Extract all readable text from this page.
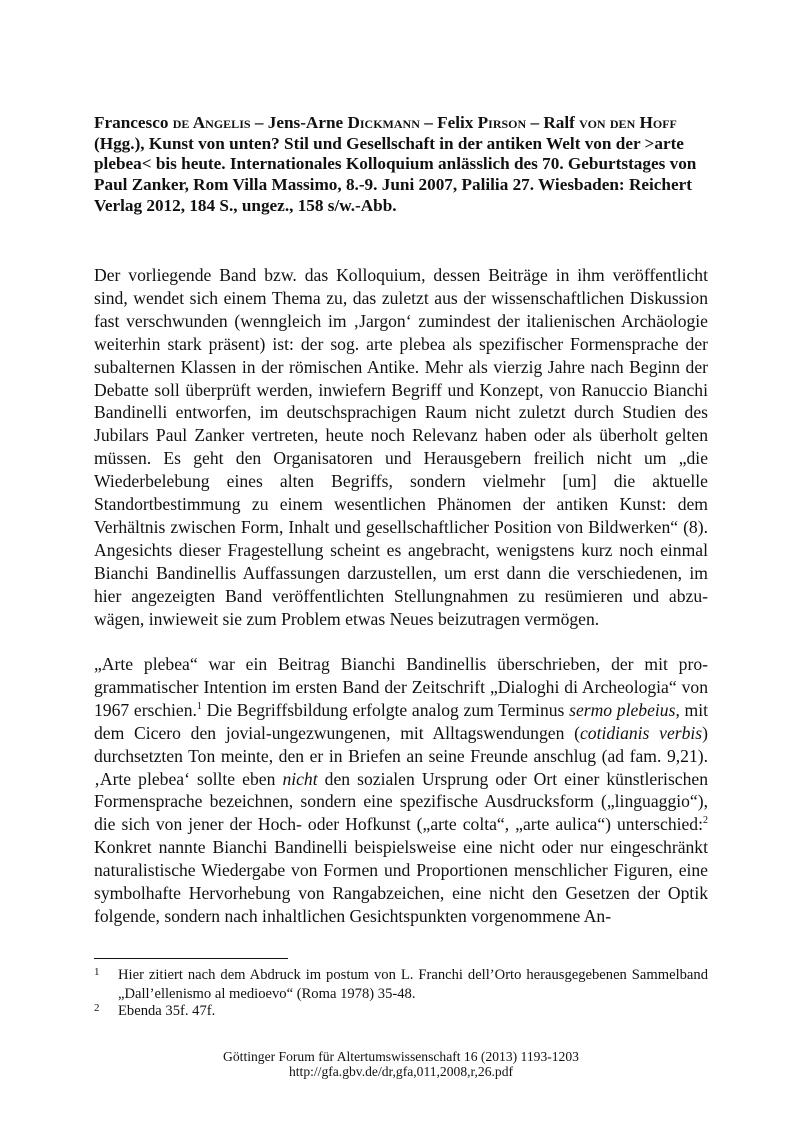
Francesco de Angelis – Jens-Arne Dickmann – Felix Pirson – Ralf von den Hoff (Hgg.), Kunst von unten? Stil und Gesellschaft in der antiken Welt von der >arte plebea< bis heute. Internationales Kolloquium anlässlich des 70. Geburtstages von Paul Zanker, Rom Villa Massimo, 8.-9. Juni 2007, Palilia 27. Wiesbaden: Reichert Verlag 2012, 184 S., ungez., 158 s/w.-Abb.

Der vorliegende Band bzw. das Kolloquium, dessen Beiträge in ihm veröffentlicht sind, wendet sich einem Thema zu, das zuletzt aus der wissenschaftlichen Diskussion fast verschwunden (wenngleich im ‚Jargon‘ zumindest der italienischen Archäologie weiterhin stark präsent) ist: der sog. arte plebea als spezifischer Formensprache der subalternen Klassen in der römischen Antike. Mehr als vierzig Jahre nach Beginn der Debatte soll überprüft werden, inwiefern Begriff und Konzept, von Ranuccio Bianchi Bandinelli entworfen, im deutschsprachigen Raum nicht zuletzt durch Studien des Jubilars Paul Zanker vertreten, heute noch Relevanz haben oder als überholt gelten müssen. Es geht den Organisatoren und Herausgebern freilich nicht um „die Wiederbelebung eines alten Begriffs, sondern vielmehr [um] die aktuelle Standortbestimmung zu einem wesentlichen Phänomen der antiken Kunst: dem Verhältnis zwischen Form, Inhalt und gesellschaftlicher Position von Bildwerken“ (8). Angesichts dieser Fragestellung scheint es angebracht, wenigstens kurz noch einmal Bianchi Bandinellis Auffassungen darzustellen, um erst dann die verschiedenen, im hier angezeigten Band veröffentlichten Stellungnahmen zu resümieren und abzuwägen, inwieweit sie zum Problem etwas Neues beizutragen vermögen.

„Arte plebea“ war ein Beitrag Bianchi Bandinellis überschrieben, der mit programmatischer Intention im ersten Band der Zeitschrift „Dialoghi di Archeologia“ von 1967 erschien.$^1$ Die Begriffsbildung erfolgte analog zum Terminus sermo plebeius, mit dem Cicero den jovial-ungezwungenen, mit Alltagswendungen (cotidianis verbis) durchsetzten Ton meinte, den er in Briefen an seine Freunde anschlug (ad fam. 9,21). ‚Arte plebea‘ sollte eben nicht den sozialen Ursprung oder Ort einer künstlerischen Formensprache bezeichnen, sondern eine spezifische Ausdrucksform („linguaggio“), die sich von jener der Hoch- oder Hofkunst („arte colta“, „arte aulica“) unterschied:$^2$ Konkret nannte Bianchi Bandinelli beispielsweise eine nicht oder nur eingeschränkt naturalistische Wiedergabe von Formen und Proportionen menschlicher Figuren, eine symbolhafte Hervorhebung von Rangabzeichen, eine nicht den Gesetzen der Optik folgende, sondern nach inhaltlichen Gesichtspunkten vorgenommene An-

1 Hier zitiert nach dem Abdruck im postum von L. Franchi dell’Orto herausgegebenen Sammelband „Dall’ellenismo al medioevo“ (Roma 1978) 35-48.
2 Ebenda 35f. 47f.
Göttinger Forum für Altertumswissenschaft 16 (2013) 1193-1203
http://gfa.gbv.de/dr,gfa,011,2008,r,26.pdf
